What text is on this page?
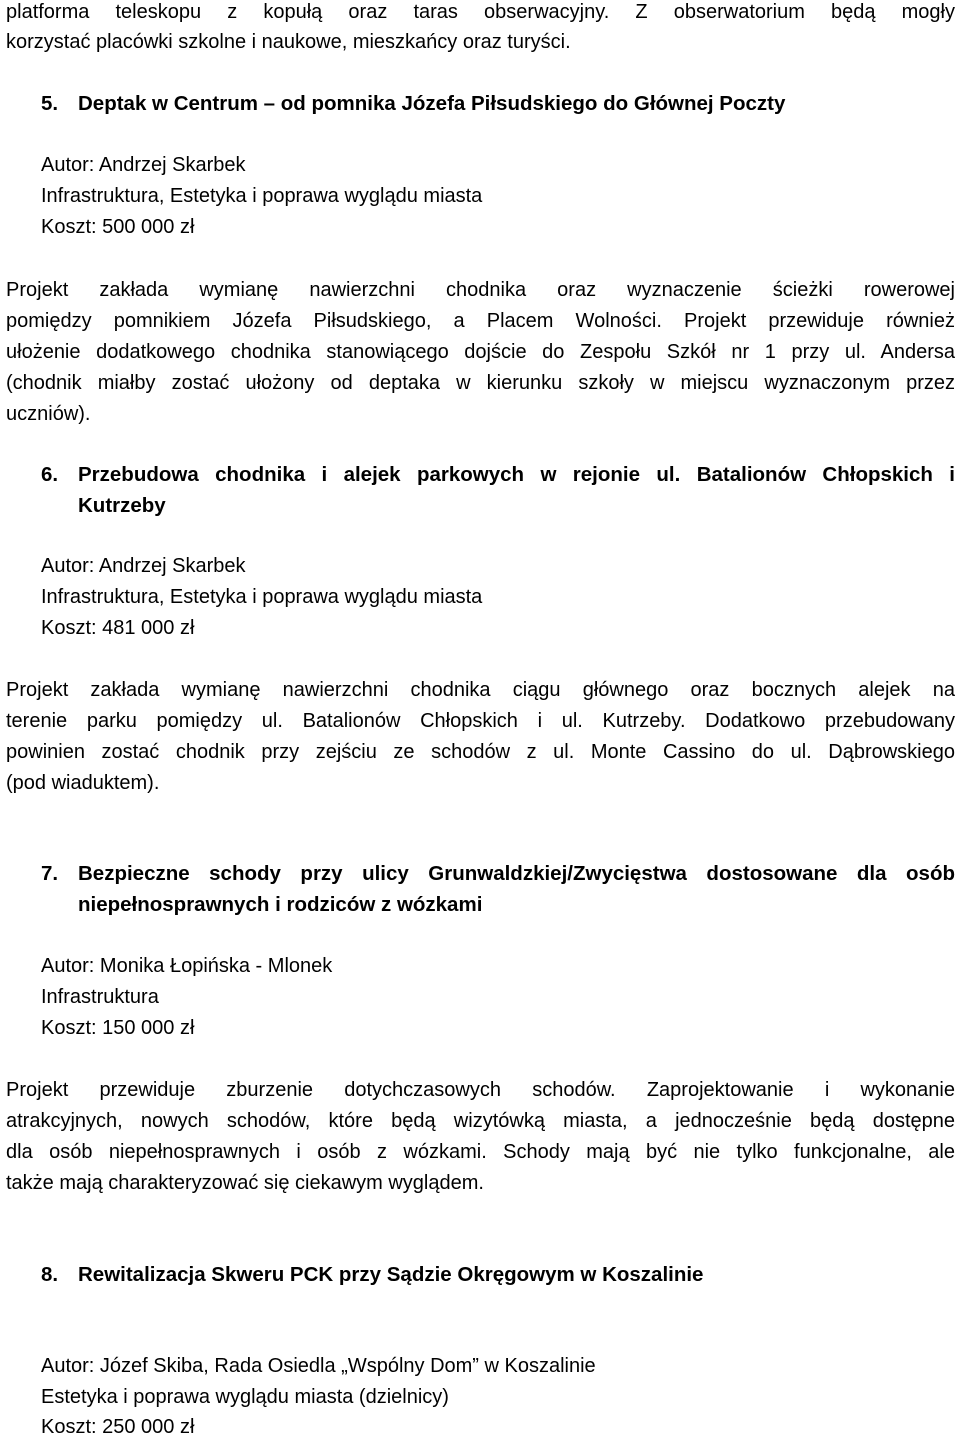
platforma teleskopu z kopułą oraz taras obserwacyjny. Z obserwatorium będą mogły
korzystać placówki szkolne i naukowe, mieszkańcy oraz turyści.
5. Deptak w Centrum – od pomnika Józefa Piłsudskiego do Głównej Poczty
Autor: Andrzej Skarbek
Infrastruktura, Estetyka i poprawa wyglądu miasta
Koszt: 500 000 zł
Projekt zakłada wymianę nawierzchni chodnika oraz wyznaczenie ścieżki rowerowej
pomiędzy pomnikiem Józefa Piłsudskiego, a Placem Wolności. Projekt przewiduje również
ułożenie dodatkowego chodnika stanowiącego dojście do Zespołu Szkół nr 1 przy ul. Andersa
(chodnik miałby zostać ułożony od deptaka w kierunku szkoły w miejscu wyznaczonym przez
uczniów).
6. Przebudowa chodnika i alejek parkowych w rejonie ul. Batalionów Chłopskich i
Kutrzeby
Autor: Andrzej Skarbek
Infrastruktura, Estetyka i poprawa wyglądu miasta
Koszt: 481 000 zł
Projekt zakłada wymianę nawierzchni chodnika ciągu głównego oraz bocznych alejek na
terenie parku pomiędzy ul. Batalionów Chłopskich i ul. Kutrzeby. Dodatkowo przebudowany
powinien zostać chodnik przy zejściu ze schodów z ul. Monte Cassino do ul. Dąbrowskiego
(pod wiaduktem).
7. Bezpieczne schody przy ulicy Grunwaldzkiej/Zwycięstwa dostosowane dla osób
niepełnosprawnych i rodziców z wózkami
Autor: Monika Łopińska - Mlonek
Infrastruktura
Koszt: 150 000 zł
Projekt przewiduje zburzenie dotychczasowych schodów. Zaprojektowanie i wykonanie
atrakcyjnych, nowych schodów, które będą wizytówką miasta, a jednocześnie będą dostępne
dla osób niepełnosprawnych i osób z wózkami. Schody mają być nie tylko funkcjonalne, ale
także mają charakteryzować się ciekawym wyglądem.
8. Rewitalizacja Skweru PCK przy Sądzie Okręgowym w Koszalinie
Autor: Józef Skiba, Rada Osiedla „Wspólny Dom” w Koszalinie
Estetyka i poprawa wyglądu miasta (dzielnicy)
Koszt: 250 000 zł
